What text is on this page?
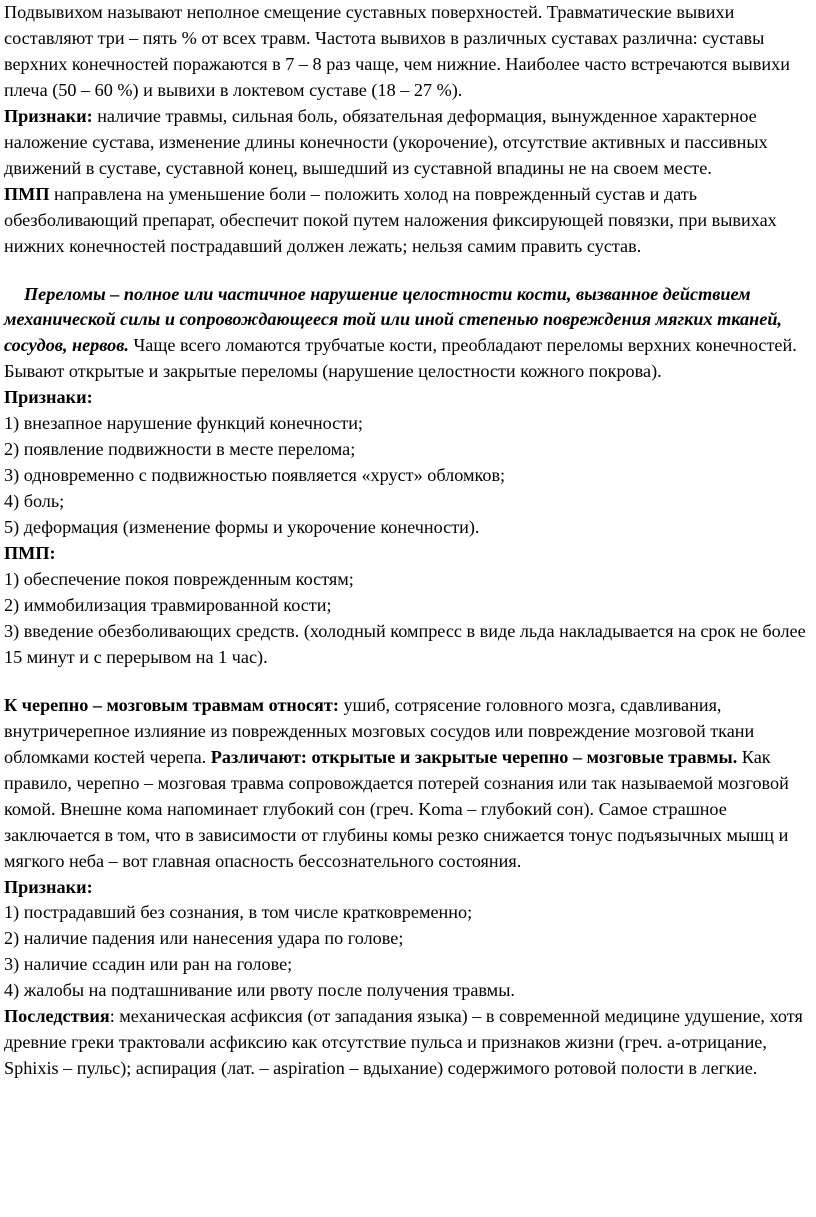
Подвывихом называют неполное смещение суставных поверхностей. Травматические вывихи составляют три – пять % от всех травм. Частота вывихов в различных суставах различна: суставы верхних конечностей поражаются в 7 – 8 раз чаще, чем нижние. Наиболее часто встречаются вывихи плеча (50 – 60 %) и вывихи в локтевом суставе (18 – 27 %).

Признаки: наличие травмы, сильная боль, обязательная деформация, вынужденное характерное наложение сустава, изменение длины конечности (укорочение), отсутствие активных и пассивных движений в суставе, суставной конец, вышедший из суставной впадины не на своем месте.

ПМП направлена на уменьшение боли – положить холод на поврежденный сустав и дать обезболивающий препарат, обеспечит покой путем наложения фиксирующей повязки, при вывихах нижних конечностей пострадавший должен лежать; нельзя самим править сустав.

Переломы – полное или частичное нарушение целостности кости, вызванное действием механической силы и сопровождающееся той или иной степенью повреждения мягких тканей, сосудов, нервов. Чаще всего ломаются трубчатые кости, преобладают переломы верхних конечностей. Бывают открытые и закрытые переломы (нарушение целостности кожного покрова).

Признаки:

1) внезапное нарушение функций конечности;

2) появление подвижности в месте перелома;

3) одновременно с подвижностью появляется «хруст» обломков;

4) боль;

5) деформация (изменение формы и укорочение конечности).

ПМП:

1) обеспечение покоя поврежденным костям;

2) иммобилизация травмированной кости;

3) введение обезболивающих средств. (холодный компресс в виде льда накладывается на срок не более 15 минут и с перерывом на 1 час).

К черепно – мозговым травмам относят: ушиб, сотрясение головного мозга, сдавливания, внутричерепное излияние из поврежденных мозговых сосудов или повреждение мозговой ткани обломками костей черепа. Различают: открытые и закрытые черепно – мозговые травмы. Как правило, черепно – мозговая травма сопровождается потерей сознания или так называемой мозговой комой. Внешне кома напоминает глубокий сон (греч. Koma – глубокий сон). Самое страшное заключается в том, что в зависимости от глубины комы резко снижается тонус подъязычных мышц и мягкого неба – вот главная опасность бессознательного состояния.

Признаки:

1) пострадавший без сознания, в том числе кратковременно;

2) наличие падения или нанесения удара по голове;

3) наличие ссадин или ран на голове;

4) жалобы на подташнивание или рвоту после получения травмы.

Последствия: механическая асфиксия (от западания языка) – в современной медицине удушение, хотя древние греки трактовали асфиксию как отсутствие пульса и признаков жизни (греч. а-отрицание, Sphixis – пульс); аспирация (лат. – aspiration – вдыхание) содержимого ротовой полости в легкие.
